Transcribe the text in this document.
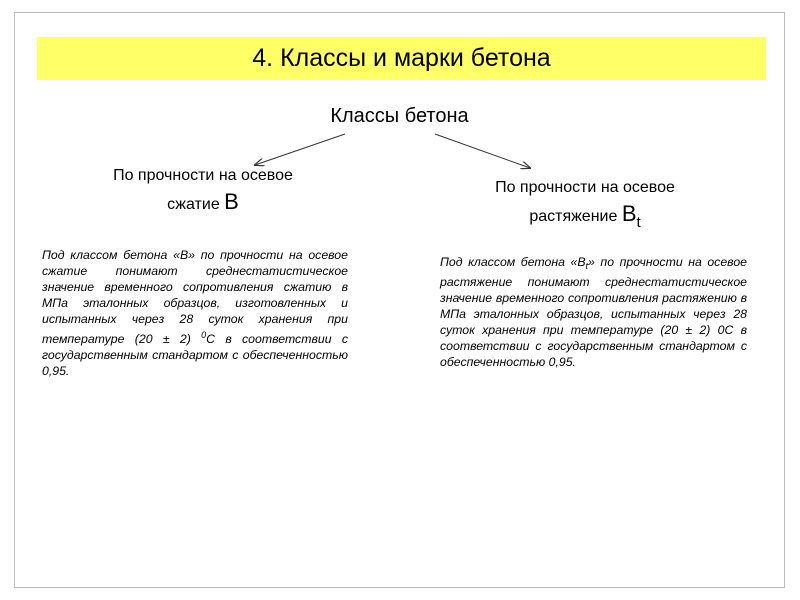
4. Классы и марки бетона
Классы бетона
По прочности на осевое
сжатие В
По прочности на осевое
растяжение Вt
Под классом бетона «В» по прочности на осевое сжатие понимают среднестатистическое значение временного сопротивления сжатию в МПа эталонных образцов, изготовленных и испытанных через 28 суток хранения при температуре (20 ± 2) $^0$С в соответствии с государственным стандартом с обеспеченностью 0,95.
Под классом бетона «$В_t$» по прочности на осевое растяжение понимают среднестатистическое значение временного сопротивления растяжению в МПа эталонных образцов, испытанных через 28 суток хранения при температуре (20 ± 2) 0С в соответствии с государственным стандартом с обеспеченностью 0,95.
